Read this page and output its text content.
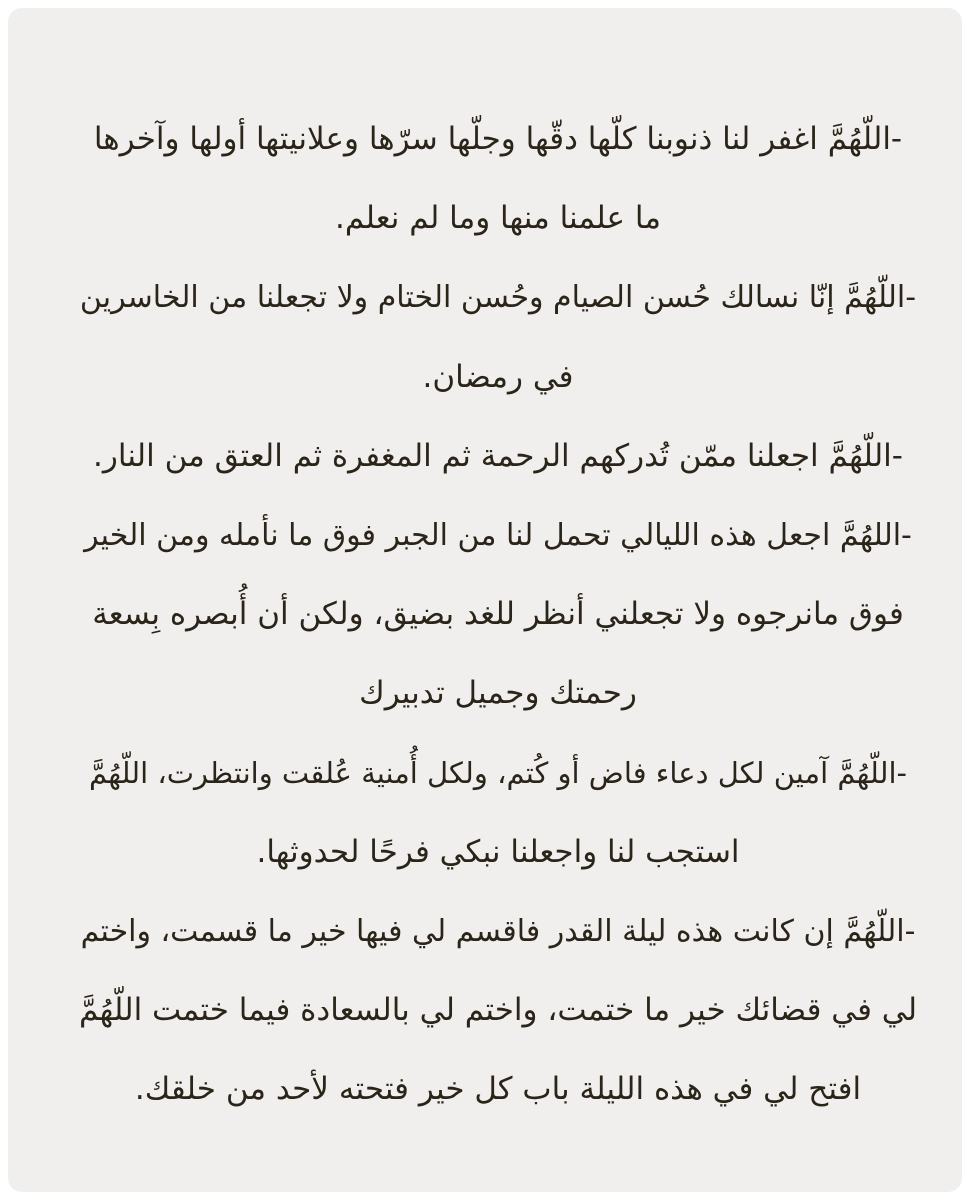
-اللّهُمَّ اغفر لنا ذنوبنا كلّها دقّها وجلّها سرّها وعلانيتها أولها وآخرها
ما علمنا منها وما لم نعلم.
-اللّهُمَّ إنّا نسالك حُسن الصيام وحُسن الختام ولا تجعلنا من الخاسرين
في رمضان.
-اللّهُمَّ اجعلنا ممّن تُدركهم الرحمة ثم المغفرة ثم العتق من النار.
-اللهُمَّ اجعل هذه الليالي تحمل لنا من الجبر فوق ما نأمله ومن الخير
فوق مانرجوه ولا تجعلني أنظر للغد بضيق، ولكن أن أُبصره بِسعة
رحمتك وجميل تدبيرك
-اللّهُمَّ آمين لكل دعاء فاض أو كُتم، ولكل أُمنية عُلقت وانتظرت، اللّهُمَّ
استجب لنا واجعلنا نبكي فرحًا لحدوثها.
-اللّهُمَّ إن كانت هذه ليلة القدر فاقسم لي فيها خير ما قسمت، واختم
لي في قضائك خير ما ختمت، واختم لي بالسعادة فيما ختمت اللّهُمَّ
افتح لي في هذه الليلة باب كل خير فتحته لأحد من خلقك.
